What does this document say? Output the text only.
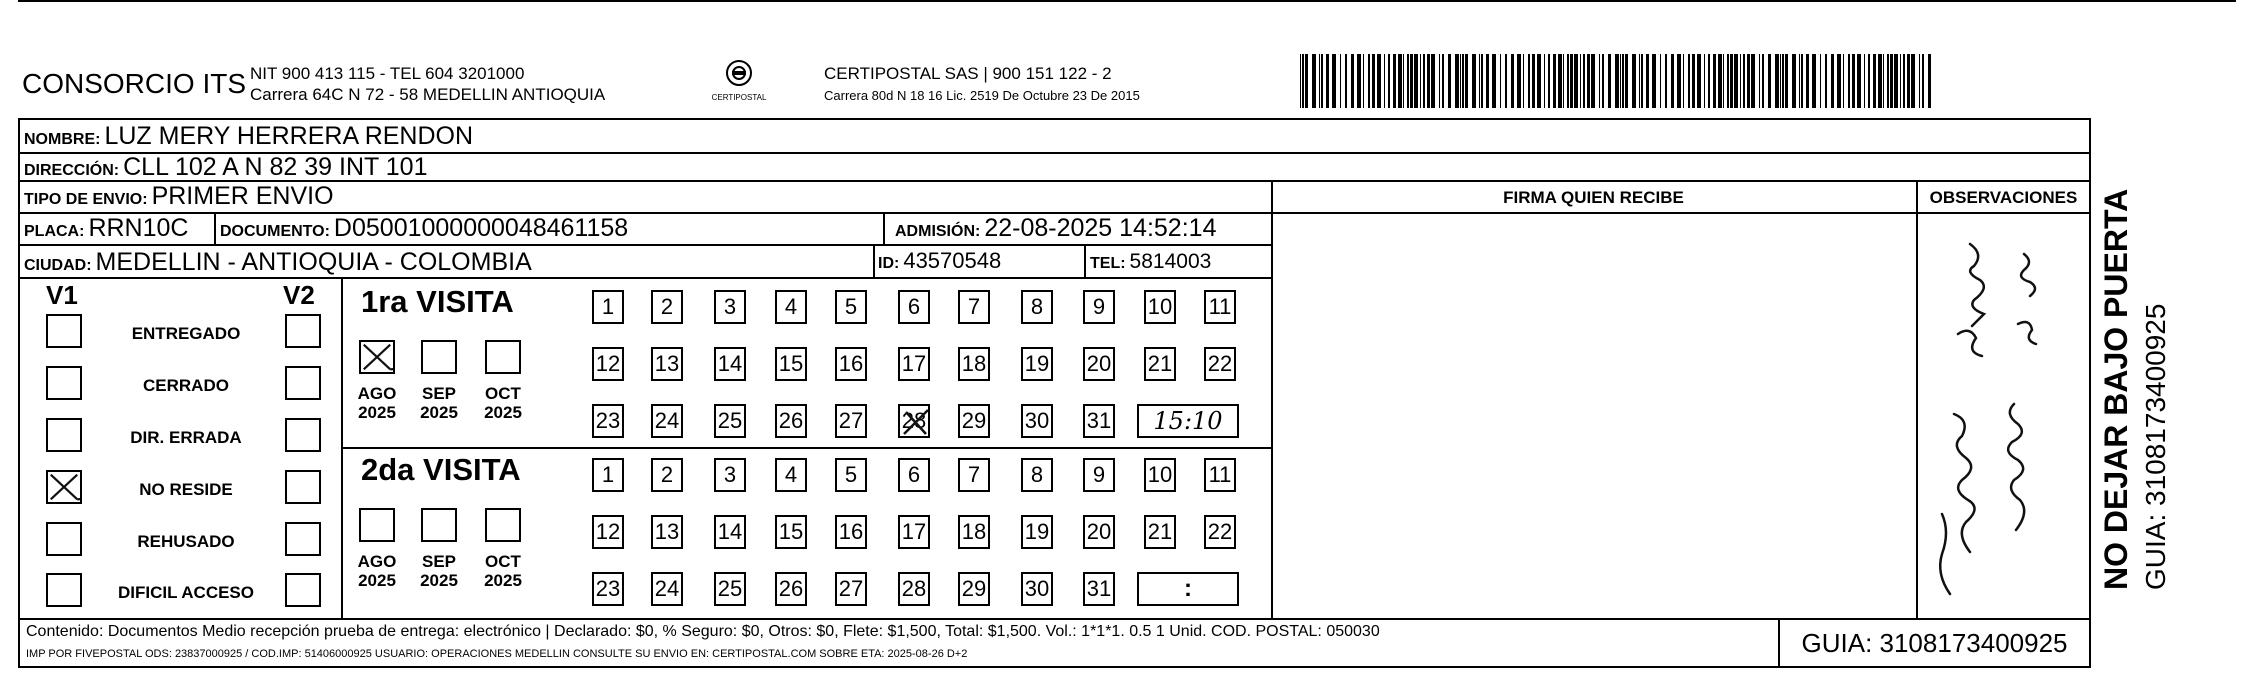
CONSORCIO ITS NIT 900 413 115 - TEL 604 3201000
Carrera 64C N 72 - 58 MEDELLIN ANTIOQUIA	CERTIPOSTAL
CERTIPOSTAL SAS | 900 151 122 - 2
Carrera 80d N 18 16 Lic. 2519 De Octubre 23 De 2015
NOMBRE: LUZ MERY HERRERA RENDON
DIRECCIÓN: CLL 102 A N 82 39 INT 101
TIPO DE ENVIO: PRIMER ENVIO	FIRMA QUIEN RECIBE	OBSERVACIONES
PLACA: RRN10C DOCUMENTO: D05001000000048461158	ADMISIÓN: 22-08-2025 14:52:14
CIUDAD: MEDELLIN - ANTIOQUIA - COLOMBIA	ID: 43570548	TEL: 5814003
V1	V2
ENTREGADO
CERRADO
DIR. ERRADA
NO RESIDE
REHUSADO
DIFICIL ACCESO
1ra VISITA
AGO
2025
SEP
2025
OCT
2025
1	2	3	4	5	6	7	8	9	10 11
12 13 14 15 16 17 18 19 20 21 22
23 24 25 26 27 28 29 30 31	15:10
2da VISITA
AGO
2025
SEP
2025
OCT
2025
1	2	3	4	5	6	7	8	9	10 11
12 13 14 15 16 17 18 19 20 21 22
23 24 25 26 27 28 29 30 31	:
Contenido: Documentos Medio recepción prueba de entrega: electrónico | Declarado: $0, % Seguro: $0, Otros: $0, Flete: $1,500, Total: $1,500. Vol.: 1*1*1. 0.5 1 Unid. COD. POSTAL: 050030
IMP POR FIVEPOSTAL ODS: 23837000925 / COD.IMP: 51406000925 USUARIO: OPERACIONES MEDELLIN CONSULTE SU ENVIO EN: CERTIPOSTAL.COM SOBRE ETA: 2025-08-26 D+2	GUIA: 3108173400925
NO DEJAR BAJO PUERTA GUIA: 3108173400925
